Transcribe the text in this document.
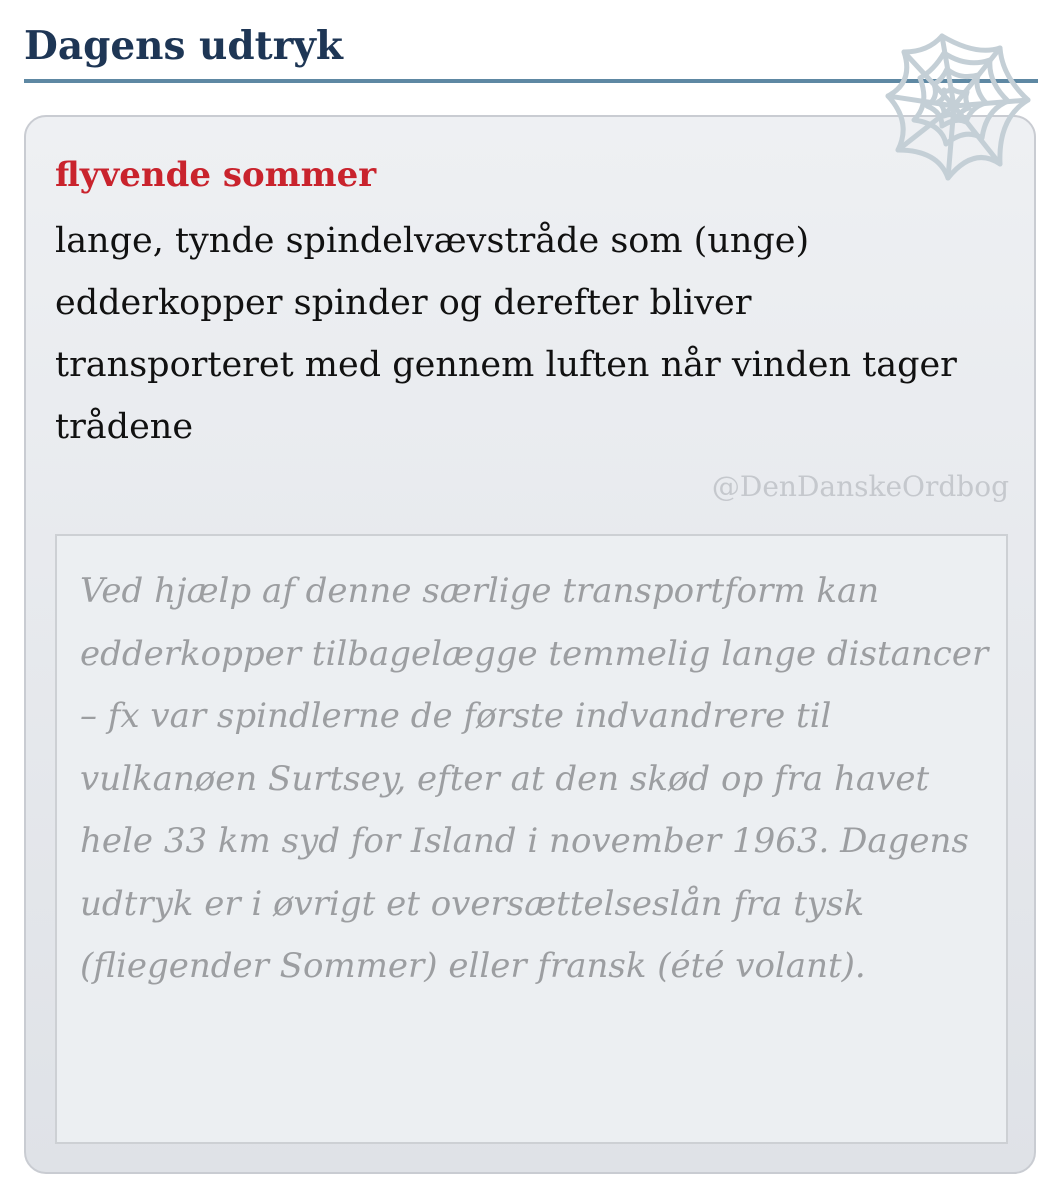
Dagens udtryk
flyvende sommer
lange, tynde spindelvævstråde som (unge) edderkopper spinder og derefter bliver transporteret med gennem luften når vinden tager trådene
@DenDanskeOrdbog
Ved hjælp af denne særlige transportform kan edderkopper tilbagelægge temmelig lange distancer – fx var spindlerne de første indvandrere til vulkanøen Surtsey, efter at den skød op fra havet hele 33 km syd for Island i november 1963. Dagens udtryk er i øvrigt et oversættelseslån fra tysk (fliegender Sommer) eller fransk (été volant).
